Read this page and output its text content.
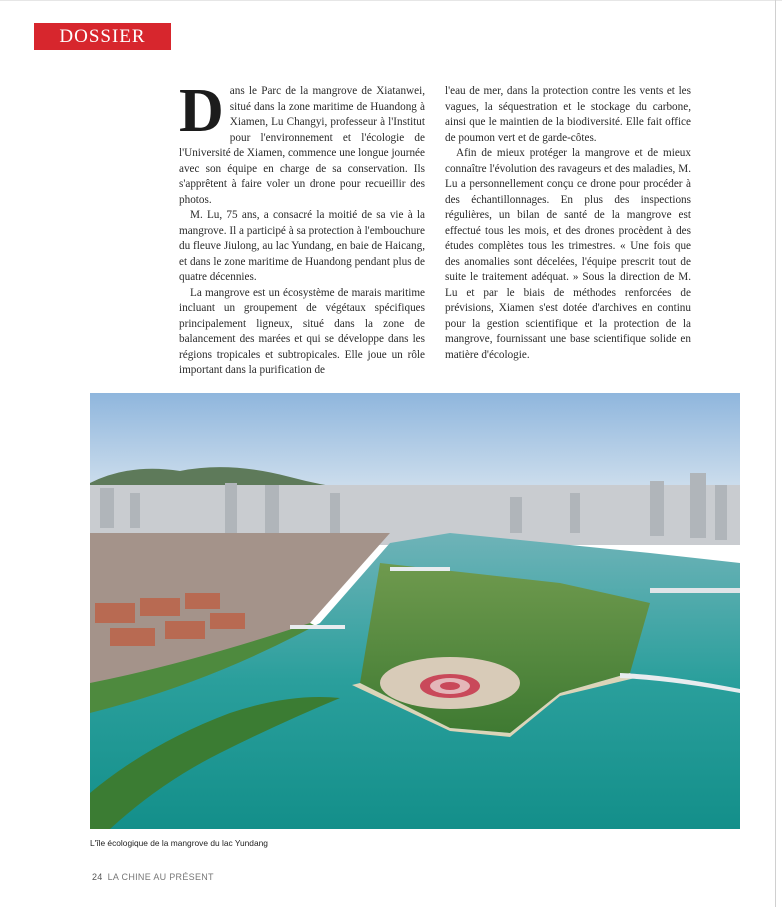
DOSSIER

Dans le Parc de la mangrove de Xiatanwei, situé dans la zone maritime de Huandong à Xiamen, Lu Changyi, professeur à l'Institut pour l'environnement et l'écologie de l'Université de Xiamen, commence une longue journée avec son équipe en charge de sa conservation. Ils s'apprêtent à faire voler un drone pour recueillir des photos.

M. Lu, 75 ans, a consacré la moitié de sa vie à la mangrove. Il a participé à sa protection à l'embouchure du fleuve Jiulong, au lac Yundang, en baie de Haicang, et dans le zone maritime de Huandong pendant plus de quatre décennies.

La mangrove est un écosystème de marais maritime incluant un groupement de végétaux spécifiques principalement ligneux, situé dans la zone de balancement des marées et qui se développe dans les régions tropicales et subtropicales. Elle joue un rôle important dans la purification de

l'eau de mer, dans la protection contre les vents et les vagues, la séquestration et le stockage du carbone, ainsi que le maintien de la biodiversité. Elle fait office de poumon vert et de garde-côtes.

Afin de mieux protéger la mangrove et de mieux connaître l'évolution des ravageurs et des maladies, M. Lu a personnellement conçu ce drone pour procéder à des échantillonnages. En plus des inspections régulières, un bilan de santé de la mangrove est effectué tous les mois, et des drones procèdent à des études complètes tous les trimestres. « Une fois que des anomalies sont décelées, l'équipe prescrit tout de suite le traitement adéquat. » Sous la direction de M. Lu et par le biais de méthodes renforcées de prévisions, Xiamen s'est dotée d'archives en continu pour la gestion scientifique et la protection de la mangrove, fournissant une base scientifique solide en matière d'écologie.

L'île écologique de la mangrove du lac Yundang
24 LA CHINE AU PRÉSENT
